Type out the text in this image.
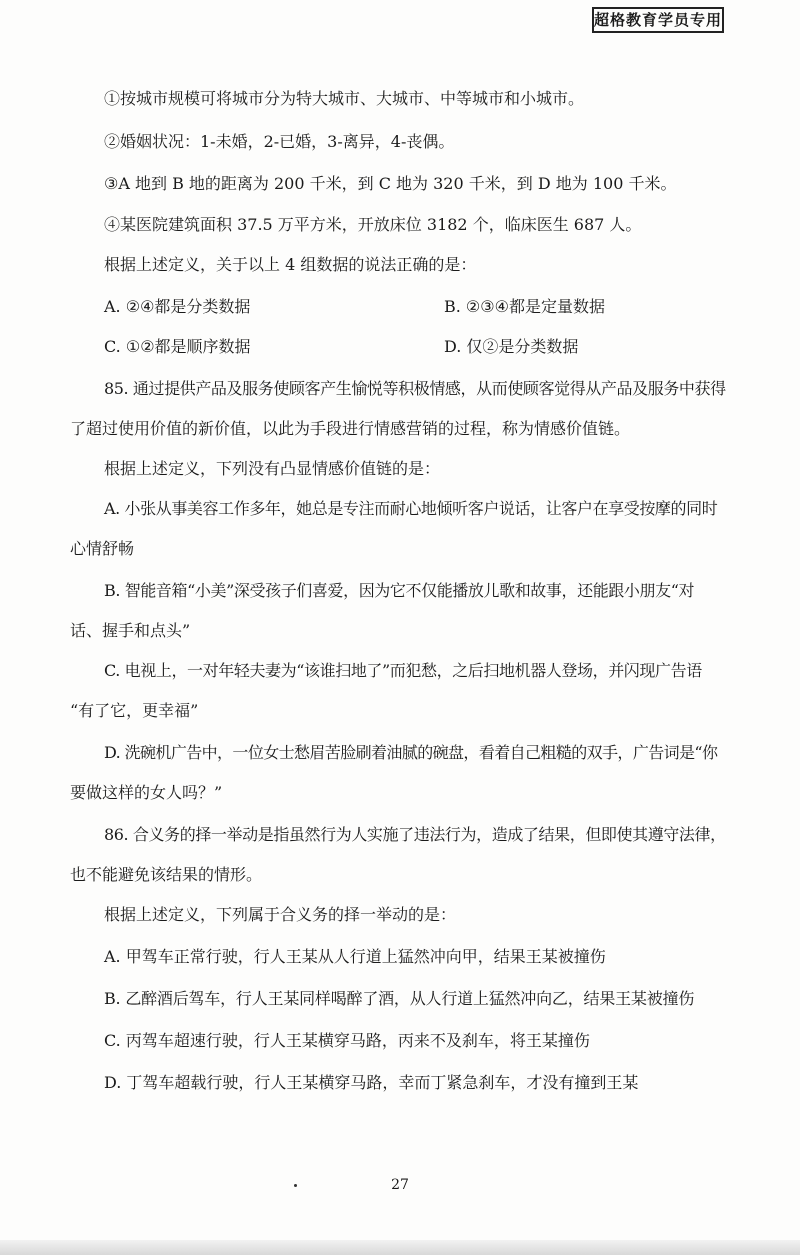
超格教育学员专用
①按城市规模可将城市分为特大城市、大城市、中等城市和小城市。
②婚姻状况：1-未婚，2-已婚，3-离异，4-丧偶。
③A 地到 B 地的距离为 200 千米，到 C 地为 320 千米，到 D 地为 100 千米。
④某医院建筑面积 37.5 万平方米，开放床位 3182 个，临床医生 687 人。
根据上述定义，关于以上 4 组数据的说法正确的是：
A. ②④都是分类数据	B. ②③④都是定量数据
C. ①②都是顺序数据	D. 仅②是分类数据
85. 通过提供产品及服务使顾客产生愉悦等积极情感，从而使顾客觉得从产品及服务中获得
了超过使用价值的新价值，以此为手段进行情感营销的过程，称为情感价值链。
根据上述定义，下列没有凸显情感价值链的是：
A. 小张从事美容工作多年，她总是专注而耐心地倾听客户说话，让客户在享受按摩的同时
心情舒畅
B. 智能音箱“小美”深受孩子们喜爱，因为它不仅能播放儿歌和故事，还能跟小朋友“对
话、握手和点头”
C. 电视上，一对年轻夫妻为“该谁扫地了”而犯愁，之后扫地机器人登场，并闪现广告语
“有了它，更幸福”
D. 洗碗机广告中，一位女士愁眉苦脸刷着油腻的碗盘，看着自己粗糙的双手，广告词是“你
要做这样的女人吗？”
86. 合义务的择一举动是指虽然行为人实施了违法行为，造成了结果，但即使其遵守法律，
也不能避免该结果的情形。
根据上述定义，下列属于合义务的择一举动的是：
A. 甲驾车正常行驶，行人王某从人行道上猛然冲向甲，结果王某被撞伤
B. 乙醉酒后驾车，行人王某同样喝醉了酒，从人行道上猛然冲向乙，结果王某被撞伤
C. 丙驾车超速行驶，行人王某横穿马路，丙来不及刹车，将王某撞伤
D. 丁驾车超载行驶，行人王某横穿马路，幸而丁紧急刹车，才没有撞到王某
27
